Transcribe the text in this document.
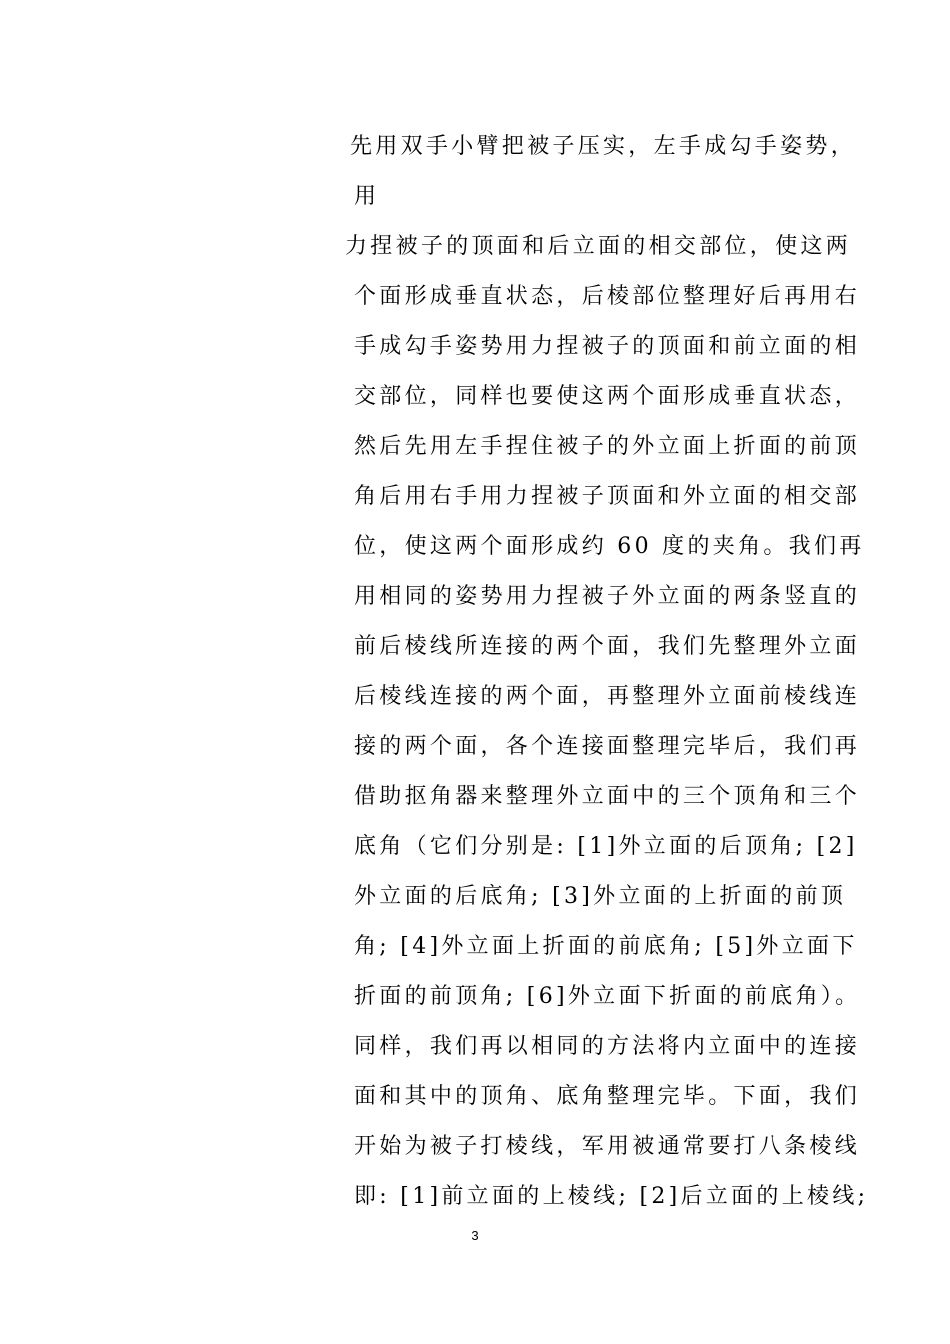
先用双手小臂把被子压实，左手成勾手姿势，
用
力捏被子的顶面和后立面的相交部位，使这两
个面形成垂直状态，后棱部位整理好后再用右
手成勾手姿势用力捏被子的顶面和前立面的相
交部位，同样也要使这两个面形成垂直状态，
然后先用左手捏住被子的外立面上折面的前顶
角后用右手用力捏被子顶面和外立面的相交部
位，使这两个面形成约 60 度的夹角。我们再
用相同的姿势用力捏被子外立面的两条竖直的
前后棱线所连接的两个面，我们先整理外立面
后棱线连接的两个面，再整理外立面前棱线连
接的两个面，各个连接面整理完毕后，我们再
借助抠角器来整理外立面中的三个顶角和三个
底角（它们分别是: [1]外立面的后顶角; [2]
外立面的后底角; [3]外立面的上折面的前顶
角; [4]外立面上折面的前底角; [5]外立面下
折面的前顶角; [6]外立面下折面的前底角）。
同样，我们再以相同的方法将内立面中的连接
面和其中的顶角、底角整理完毕。下面，我们
开始为被子打棱线，军用被通常要打八条棱线
即: [1]前立面的上棱线; [2]后立面的上棱线;
3
